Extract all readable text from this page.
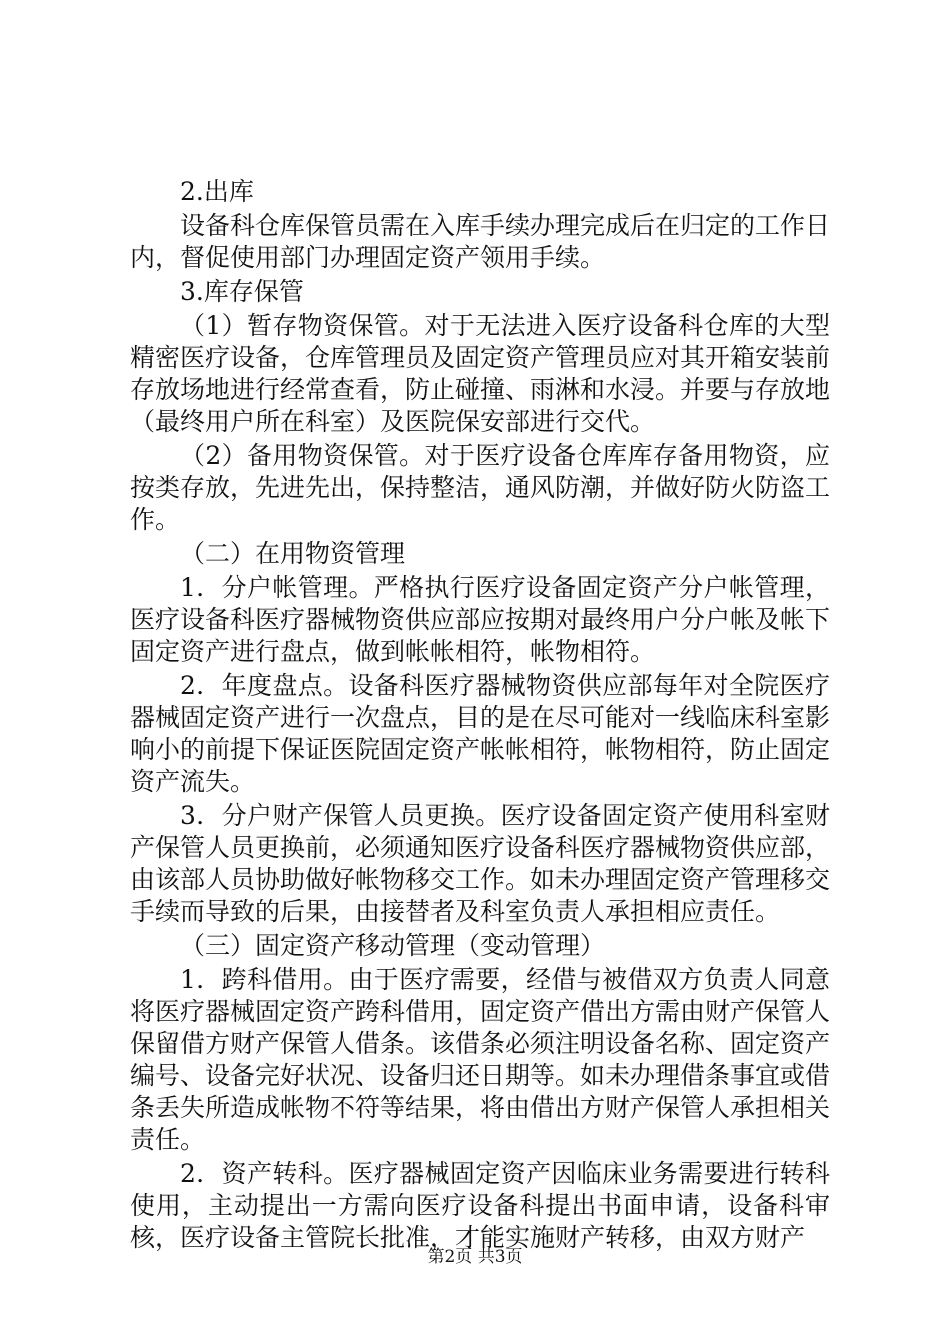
2.出库

设备科仓库保管员需在入库手续办理完成后在归定的工作日内，督促使用部门办理固定资产领用手续。

3.库存保管

（1）暂存物资保管。对于无法进入医疗设备科仓库的大型精密医疗设备，仓库管理员及固定资产管理员应对其开箱安装前存放场地进行经常查看，防止碰撞、雨淋和水浸。并要与存放地（最终用户所在科室）及医院保安部进行交代。

（2）备用物资保管。对于医疗设备仓库库存备用物资，应按类存放，先进先出，保持整洁，通风防潮，并做好防火防盗工作。

（二）在用物资管理

1．分户帐管理。严格执行医疗设备固定资产分户帐管理，医疗设备科医疗器械物资供应部应按期对最终用户分户帐及帐下固定资产进行盘点，做到帐帐相符，帐物相符。

2．年度盘点。设备科医疗器械物资供应部每年对全院医疗器械固定资产进行一次盘点，目的是在尽可能对一线临床科室影响小的前提下保证医院固定资产帐帐相符，帐物相符，防止固定资产流失。

3．分户财产保管人员更换。医疗设备固定资产使用科室财产保管人员更换前，必须通知医疗设备科医疗器械物资供应部，由该部人员协助做好帐物移交工作。如未办理固定资产管理移交手续而导致的后果，由接替者及科室负责人承担相应责任。

（三）固定资产移动管理（变动管理）

1．跨科借用。由于医疗需要，经借与被借双方负责人同意将医疗器械固定资产跨科借用，固定资产借出方需由财产保管人保留借方财产保管人借条。该借条必须注明设备名称、固定资产编号、设备完好状况、设备归还日期等。如未办理借条事宜或借条丢失所造成帐物不符等结果，将由借出方财产保管人承担相关责任。

2．资产转科。医疗器械固定资产因临床业务需要进行转科使用，主动提出一方需向医疗设备科提出书面申请，设备科审核，医疗设备主管院长批准，才能实施财产转移，由双方财产

第2页 共3页
